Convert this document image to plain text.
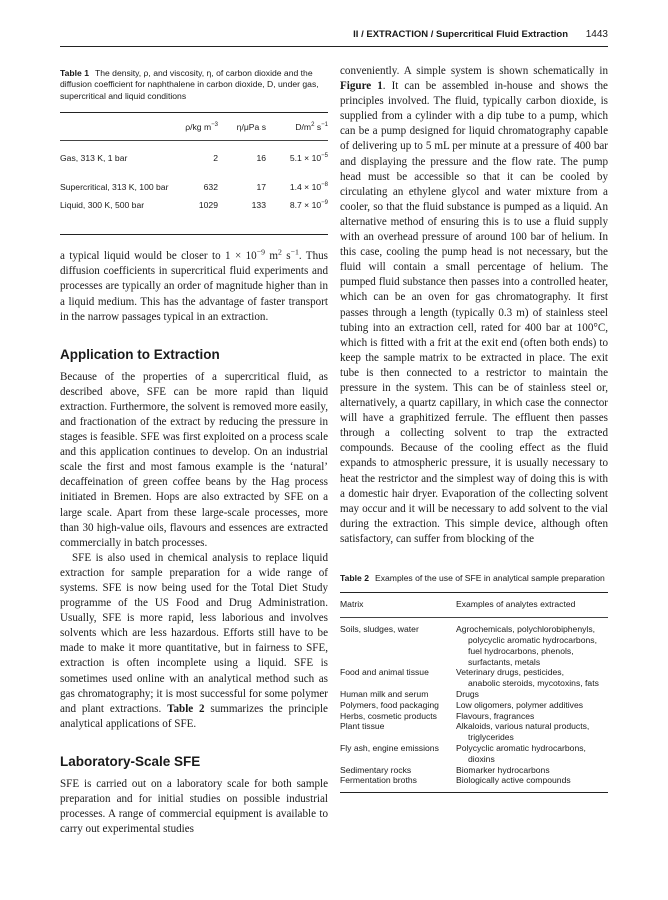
II / EXTRACTION / Supercritical Fluid Extraction 1443

Table 1 The density, ρ, and viscosity, η, of carbon dioxide and the diffusion coefficient for naphthalene in carbon dioxide, D, under gas, supercritical and liquid conditions

	ρ/kg $m^{-3}$	η/μPa s	$D/m^2$ $s^{-1}$
Gas, 313 K, 1 bar	2	16	$5.1 \times 10^{-5}$
Supercritical, 313 K, 100 bar	632	17	$1.4 \times 10^{-8}$
Liquid, 300 K, 500 bar	1029	133	$8.7 \times 10^{-9}$

a typical liquid would be closer to $1 \times 10^{-9}$ $m^2$ $s^{-1}$. Thus diffusion coefficients in supercritical fluid experiments and processes are typically an order of magnitude higher than in a liquid medium. This has the advantage of faster transport in the narrow passages typical in an extraction.

Application to Extraction

Because of the properties of a supercritical fluid, as described above, SFE can be more rapid than liquid extraction. Furthermore, the solvent is removed more easily, and fractionation of the extract by reducing the pressure in stages is feasible. SFE was first exploited on a process scale and this application continues to develop. On an industrial scale the first and most famous example is the ‘natural’ decaffeination of green coffee beans by the Hag process initiated in Bremen. Hops are also extracted by SFE on a large scale. Apart from these large-scale processes, more than 30 high-value oils, flavours and essences are extracted commercially in batch processes.

SFE is also used in chemical analysis to replace liquid extraction for sample preparation for a wide range of systems. SFE is now being used for the Total Diet Study programme of the US Food and Drug Administration. Usually, SFE is more rapid, less laborious and involves solvents which are less hazardous. Efforts still have to be made to make it more quantitative, but in fairness to SFE, extraction is often incomplete using a liquid. SFE is sometimes used online with an analytical method such as gas chromatography; it is most successful for some polymer and plant extractions. Table 2 summarizes the principle analytical applications of SFE.

Laboratory-Scale SFE

SFE is carried out on a laboratory scale for both sample preparation and for initial studies on possible industrial processes. A range of commercial equipment is available to carry out experimental studies

conveniently. A simple system is shown schematically in Figure 1. It can be assembled in-house and shows the principles involved. The fluid, typically carbon dioxide, is supplied from a cylinder with a dip tube to a pump, which can be a pump designed for liquid chromatography capable of delivering up to 5 mL per minute at a pressure of 400 bar and displaying the pressure and the flow rate. The pump head must be accessible so that it can be cooled by circulating an ethylene glycol and water mixture from a cooler, so that the fluid substance is pumped as a liquid. An alternative method of ensuring this is to use a fluid supply with an overhead pressure of around 100 bar of helium. In this case, cooling the pump head is not necessary, but the fluid will contain a small percentage of helium. The pumped fluid substance then passes into a controlled heater, which can be an oven for gas chromatography. It first passes through a length (typically 0.3 m) of stainless steel tubing into an extraction cell, rated for 400 bar at 100°C, which is fitted with a frit at the exit end (often both ends) to keep the sample matrix to be extracted in place. The exit tube is then connected to a restrictor to maintain the pressure in the system. This can be of stainless steel or, alternatively, a quartz capillary, in which case the connector will have a graphitized ferrule. The effluent then passes through a collecting solvent to trap the extracted compounds. Because of the cooling effect as the fluid expands to atmospheric pressure, it is usually necessary to heat the restrictor and the simplest way of doing this is with a domestic hair dryer. Evaporation of the collecting solvent may occur and it will be necessary to add solvent to the vial during the extraction. This simple device, although often satisfactory, can suffer from blocking of the

Table 2 Examples of the use of SFE in analytical sample preparation

Matrix	Examples of analytes extracted
Soils, sludges, water	Agrochemicals, polychlorobiphenyls,
polycyclic aromatic hydrocarbons,
fuel hydrocarbons, phenols,
surfactants, metals

Food and animal tissue	Veterinary drugs, pesticides,
anabolic steroids, mycotoxins, fats

Human milk and serum	Drugs

Polymers, food packaging	Low oligomers, polymer additives

Herbs, cosmetic products	Flavours, fragrances

Plant tissue	Alkaloids, various natural products,
triglycerides

Fly ash, engine emissions	Polycyclic aromatic hydrocarbons,
dioxins

Sedimentary rocks	Biomarker hydrocarbons

Fermentation broths	Biologically active compounds
